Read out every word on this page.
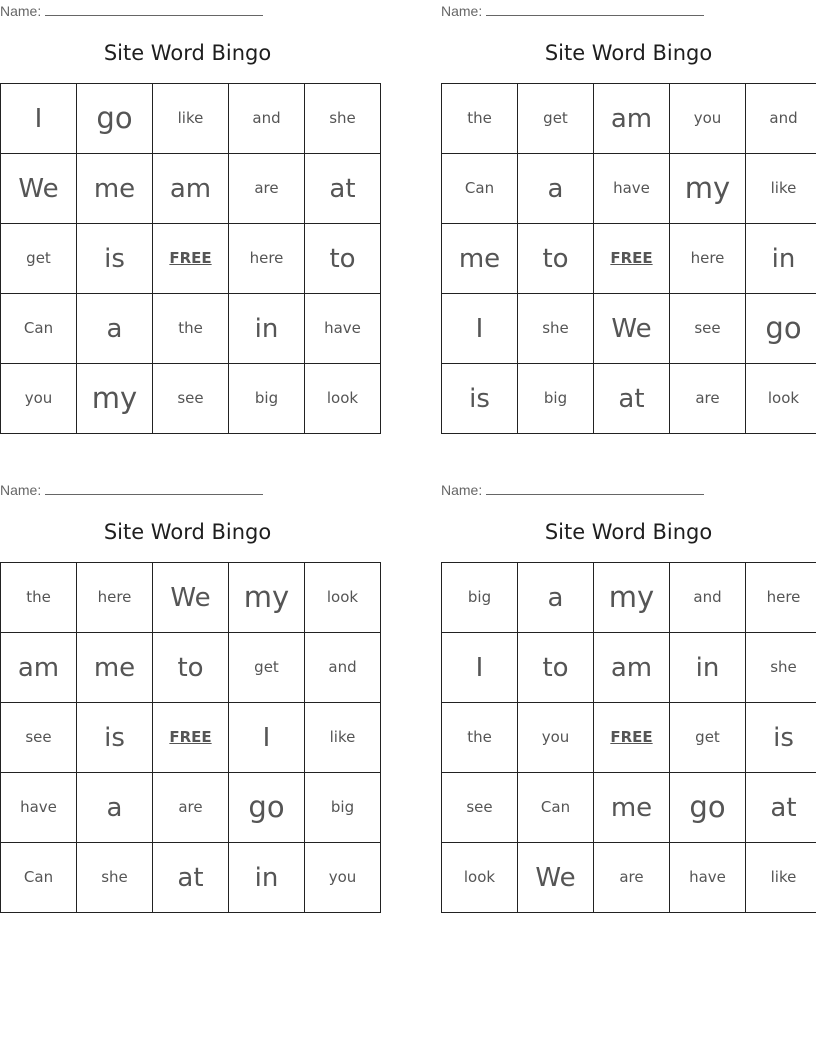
Name:
Site Word Bingo
I	go	like	and	she
We	me	am	are	at
get	is	FREE	here	to
Can	a	the	in	have
you	my	see	big	look
Name:
Site Word Bingo
the	get	am	you	and
Can	a	have	my	like
me	to	FREE	here	in
I	she	We	see	go
is	big	at	are	look
Name:
Site Word Bingo
the	here	We	my	look
am	me	to	get	and
see	is	FREE	I	like
have	a	are	go	big
Can	she	at	in	you
Name:
Site Word Bingo
big	a	my	and	here
I	to	am	in	she
the	you	FREE	get	is
see	Can	me	go	at
look	We	are	have	like
